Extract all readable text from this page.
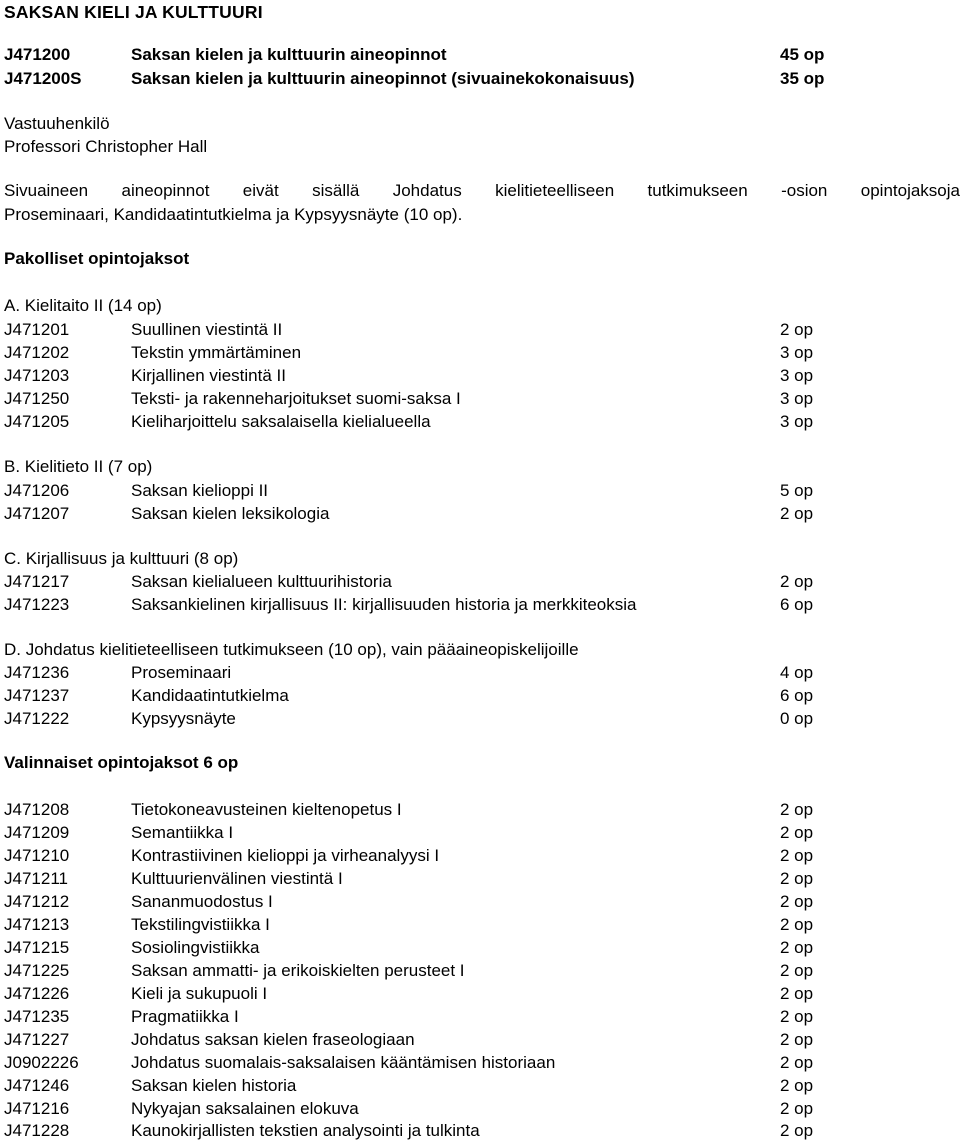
SAKSAN KIELI JA KULTTUURI
J471200	Saksan kielen ja kulttuurin aineopinnot	45 op
J471200S	Saksan kielen ja kulttuurin aineopinnot (sivuainekokonaisuus)	35 op
Vastuuhenkilö
Professori Christopher Hall
Sivuaineen aineopinnot eivät sisällä Johdatus kielitieteelliseen tutkimukseen -osion opintojaksoja
Proseminaari, Kandidaatintutkielma ja Kypsyysnäyte (10 op).
Pakolliset opintojaksot
A. Kielitaito II (14 op)
J471201	Suullinen viestintä II	2 op
J471202	Tekstin ymmärtäminen	3 op
J471203	Kirjallinen viestintä II	3 op
J471250	Teksti- ja rakenneharjoitukset suomi-saksa I	3 op
J471205	Kieliharjoittelu saksalaisella kielialueella	3 op
B. Kielitieto II (7 op)
J471206	Saksan kielioppi II	5 op
J471207	Saksan kielen leksikologia	2 op
C. Kirjallisuus ja kulttuuri (8 op)
J471217	Saksan kielialueen kulttuurihistoria	2 op
J471223	Saksankielinen kirjallisuus II: kirjallisuuden historia ja merkkiteoksia	6 op
D. Johdatus kielitieteelliseen tutkimukseen (10 op), vain pääaineopiskelijoille
J471236	Proseminaari	4 op
J471237	Kandidaatintutkielma	6 op
J471222	Kypsyysnäyte	0 op
Valinnaiset opintojaksot 6 op
J471208	Tietokoneavusteinen kieltenopetus I	2 op
J471209	Semantiikka I	2 op
J471210	Kontrastiivinen kielioppi ja virheanalyysi I	2 op
J471211	Kulttuurienvälinen viestintä I	2 op
J471212	Sananmuodostus I	2 op
J471213	Tekstilingvistiikka I	2 op
J471215	Sosiolingvistiikka	2 op
J471225	Saksan ammatti- ja erikoiskielten perusteet I	2 op
J471226	Kieli ja sukupuoli I	2 op
J471235	Pragmatiikka I	2 op
J471227	Johdatus saksan kielen fraseologiaan	2 op
J0902226	Johdatus suomalais-saksalaisen kääntämisen historiaan	2 op
J471246	Saksan kielen historia	2 op
J471216	Nykyajan saksalainen elokuva	2 op
J471228	Kaunokirjallisten tekstien analysointi ja tulkinta	2 op
